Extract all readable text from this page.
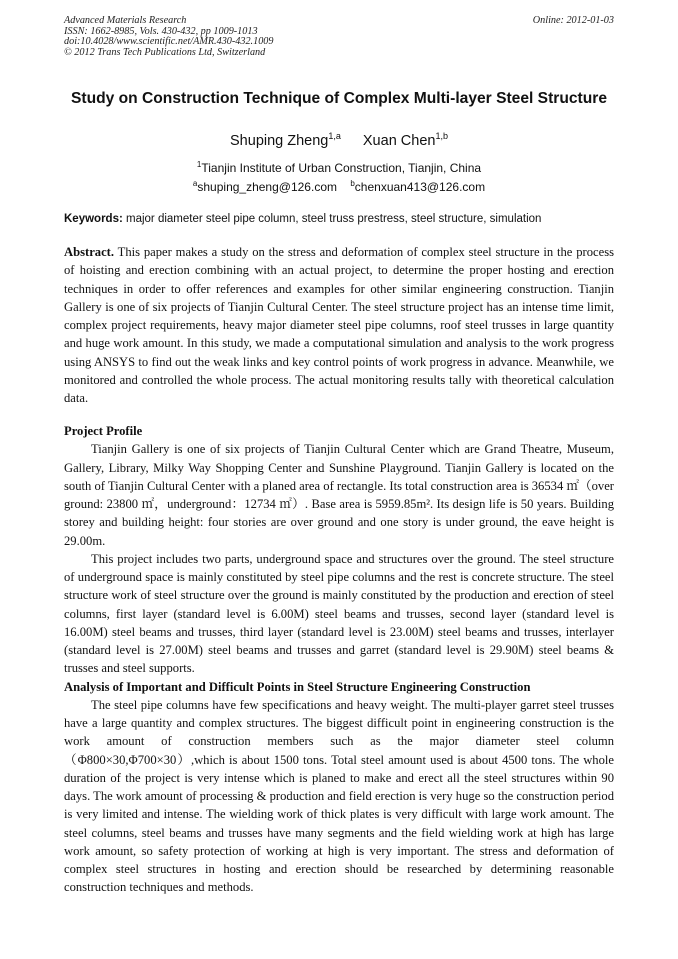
Advanced Materials Research
ISSN: 1662-8985, Vols. 430-432, pp 1009-1013
doi:10.4028/www.scientific.net/AMR.430-432.1009
© 2012 Trans Tech Publications Ltd, Switzerland
Online: 2012-01-03
Study on Construction Technique of Complex Multi-layer Steel Structure
Shuping Zheng$^{1,a}$ Xuan Chen$^{1,b}$
$^1$Tianjin Institute of Urban Construction, Tianjin, China
$^a$shuping_zheng@126.com $^b$chenxuan413@126.com
Keywords: major diameter steel pipe column, steel truss prestress, steel structure, simulation

Abstract. This paper makes a study on the stress and deformation of complex steel structure in the process of hoisting and erection combining with an actual project, to determine the proper hosting and erection techniques in order to offer references and examples for other similar engineering construction. Tianjin Gallery is one of six projects of Tianjin Cultural Center. The steel structure project has an intense time limit, complex project requirements, heavy major diameter steel pipe columns, roof steel trusses in large quantity and huge work amount. In this study, we made a computational simulation and analysis to the work progress using ANSYS to find out the weak links and key control points of work progress in advance. Meanwhile, we monitored and controlled the whole process. The actual monitoring results tally with theoretical calculation data.

Project Profile

Tianjin Gallery is one of six projects of Tianjin Cultural Center which are Grand Theatre, Museum, Gallery, Library, Milky Way Shopping Center and Sunshine Playground. Tianjin Gallery is located on the south of Tianjin Cultural Center with a planed area of rectangle. Its total construction area is 36534 ㎡（over ground: 23800 ㎡，underground：12734 ㎡）. Base area is 5959.85m². Its design life is 50 years. Building storey and building height: four stories are over ground and one story is under ground, the eave height is 29.00m.

This project includes two parts, underground space and structures over the ground. The steel structure of underground space is mainly constituted by steel pipe columns and the rest is concrete structure. The steel structure work of steel structure over the ground is mainly constituted by the production and erection of steel columns, first layer (standard level is 6.00M) steel beams and trusses, second layer (standard level is 16.00M) steel beams and trusses, third layer (standard level is 23.00M) steel beams and trusses, interlayer (standard level is 27.00M) steel beams and trusses and garret (standard level is 29.90M) steel beams & trusses and steel supports.

Analysis of Important and Difficult Points in Steel Structure Engineering Construction

The steel pipe columns have few specifications and heavy weight. The multi-player garret steel trusses have a large quantity and complex structures. The biggest difficult point in engineering construction is the work amount of construction members such as the major diameter steel column（Φ800×30,Φ700×30）,which is about 1500 tons. Total steel amount used is about 4500 tons. The whole duration of the project is very intense which is planed to make and erect all the steel structures within 90 days. The work amount of processing & production and field erection is very huge so the construction period is very limited and intense. The wielding work of thick plates is very difficult with large work amount. The steel columns, steel beams and trusses have many segments and the field wielding work at high has large work amount, so safety protection of working at high is very important. The stress and deformation of complex steel structures in hosting and erection should be researched by determining reasonable construction techniques and methods.
